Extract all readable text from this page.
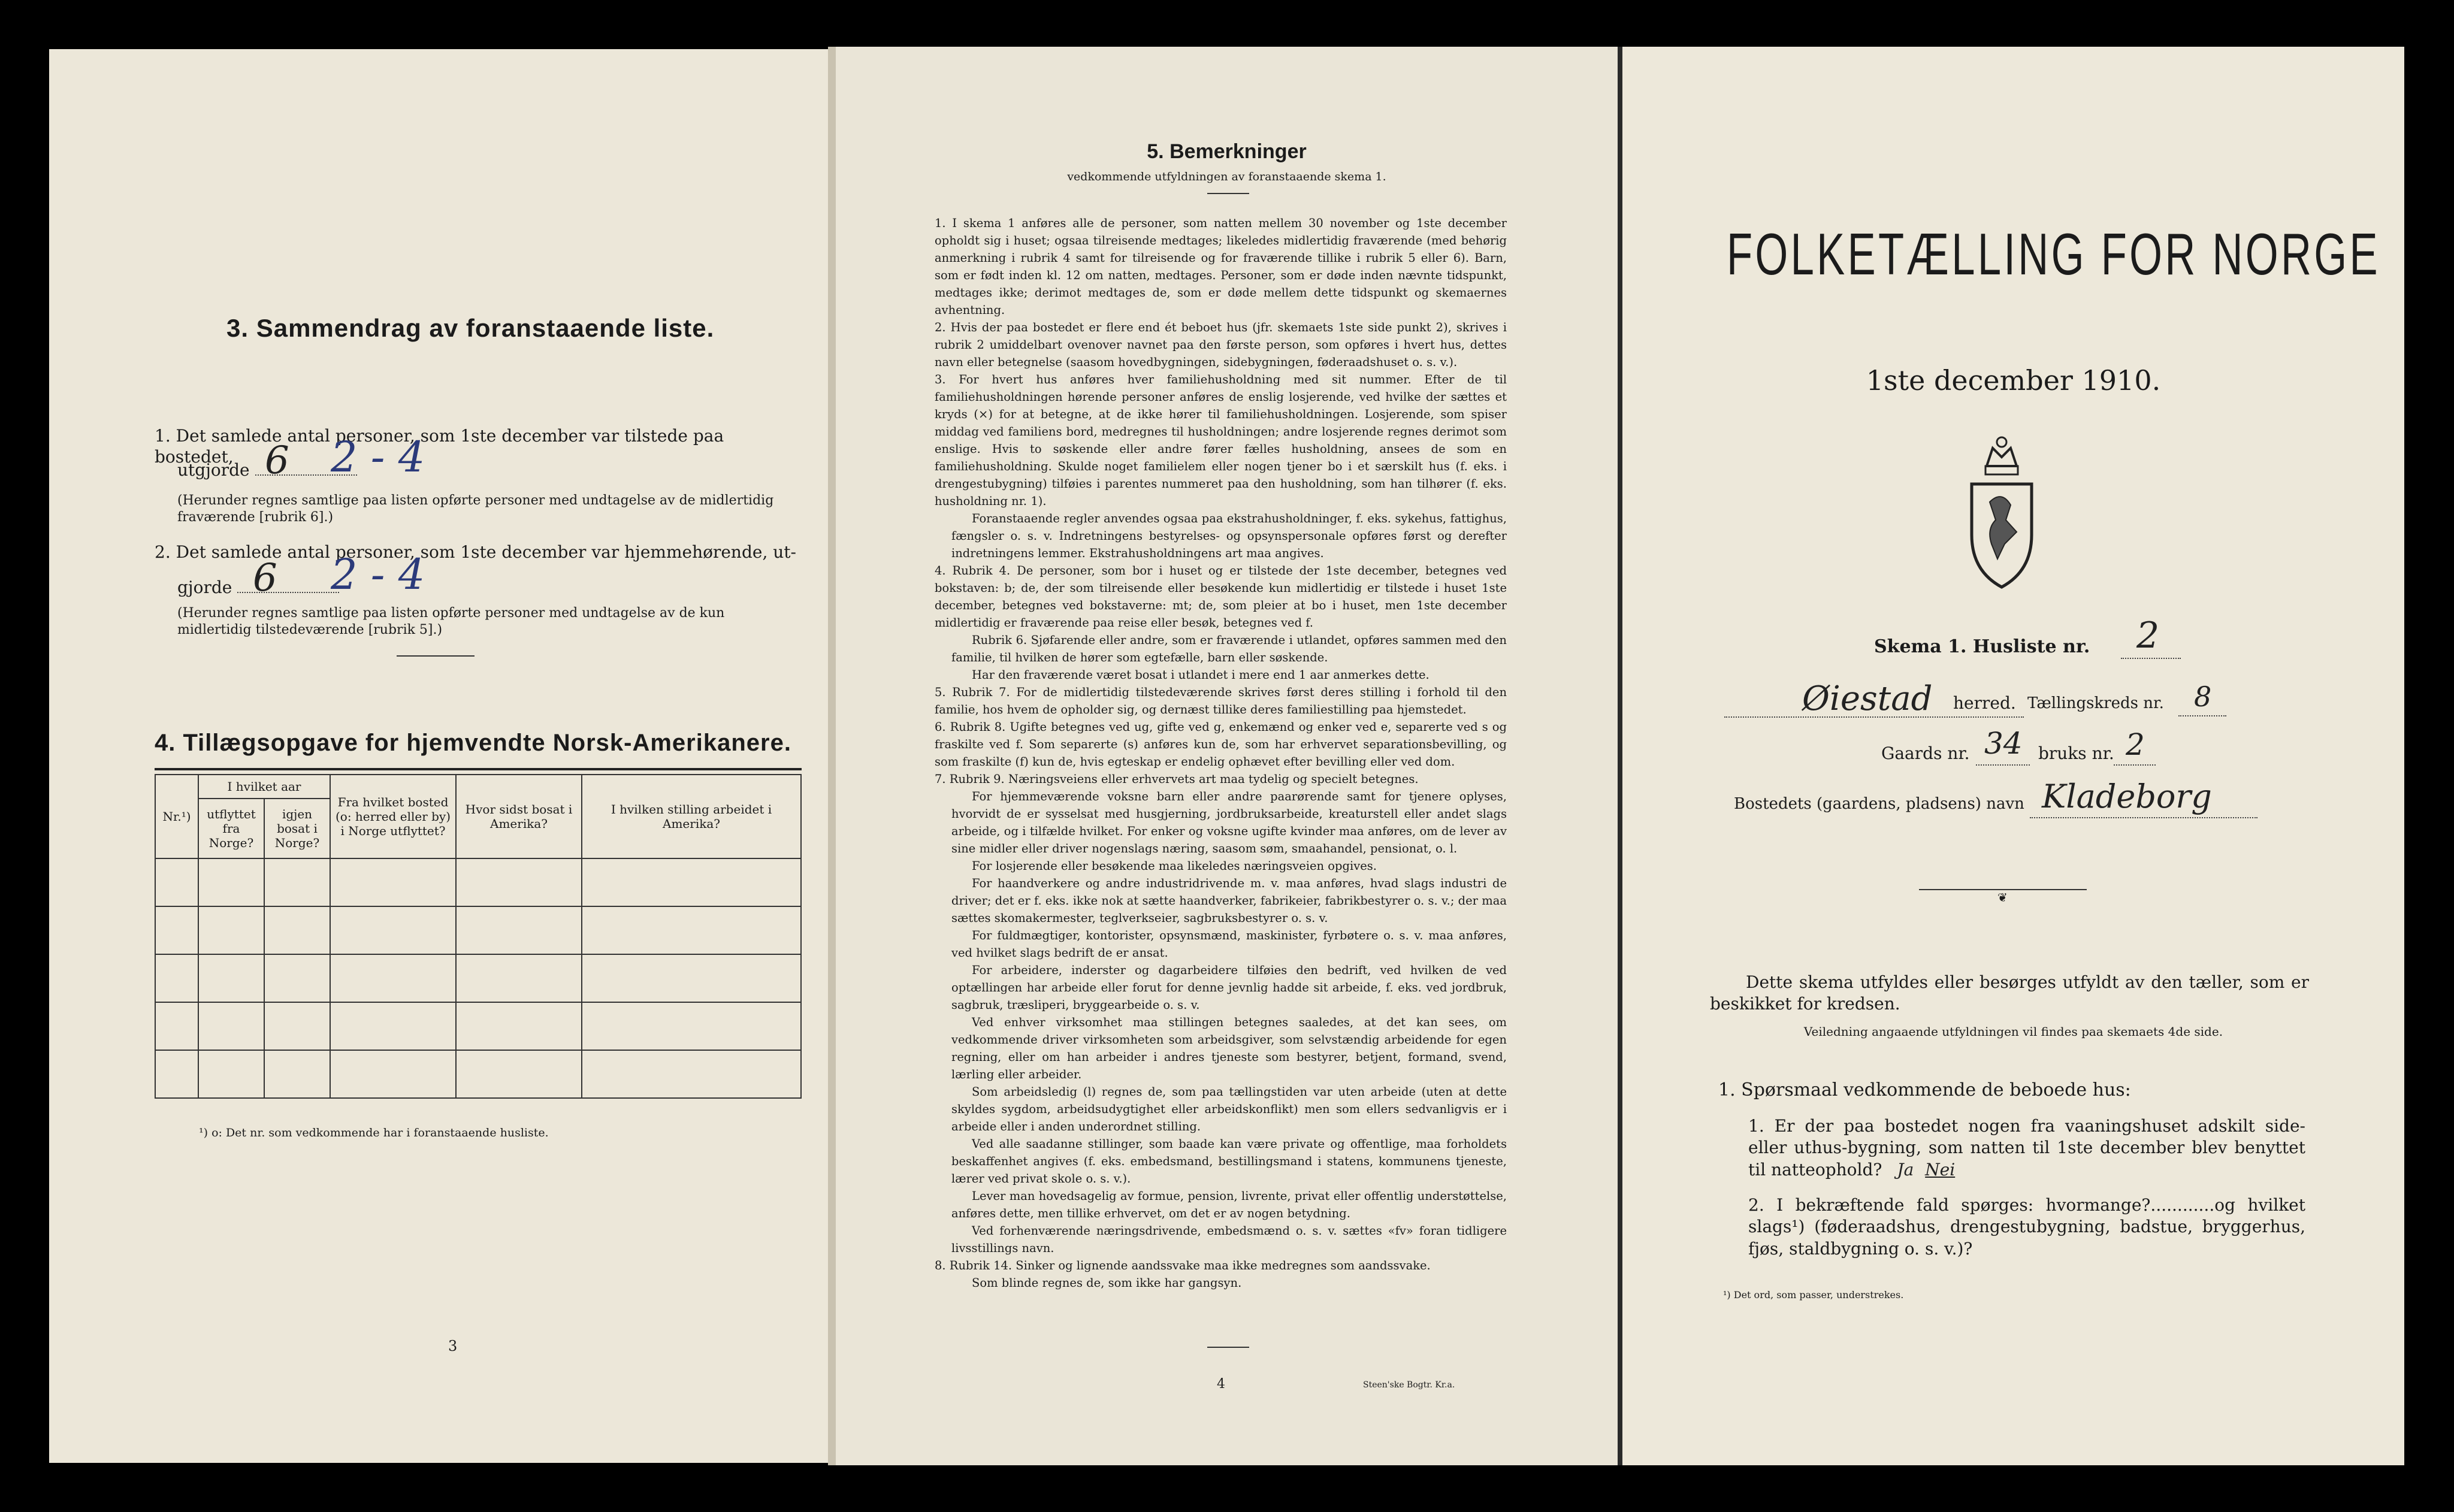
3. Sammendrag av foranstaaende liste.
1. Det samlede antal personer, som 1ste december var tilstede paa bostedet,
utgjorde 6 2 - 4
(Herunder regnes samtlige paa listen opførte personer med undtagelse av de midlertidig fraværende [rubrik 6].)
2. Det samlede antal personer, som 1ste december var hjemmehørende, ut-
gjorde 6 2 - 4
(Herunder regnes samtlige paa listen opførte personer med undtagelse av de kun midlertidig tilstedeværende [rubrik 5].)
4. Tillægsopgave for hjemvendte Norsk-Amerikanere.
Nr.¹)	I hvilket aar		Fra hvilket bosted (o: herred eller by) i Norge utflyttet?	Hvor sidst bosat i Amerika?	I hvilken stilling arbeidet i Amerika?
	utflyttet fra Norge?	igjen bosat i Norge?			

¹) o: Det nr. som vedkommende har i foranstaaende husliste.
3
5. Bemerkninger
vedkommende utfyldningen av foranstaaende skema 1.

1. I skema 1 anføres alle de personer, som natten mellem 30 november og 1ste december opholdt sig i huset; ogsaa tilreisende medtages; likeledes midlertidig fraværende (med behørig anmerkning i rubrik 4 samt for tilreisende og for fraværende tillike i rubrik 5 eller 6). Barn, som er født inden kl. 12 om natten, medtages. Personer, som er døde inden nævnte tidspunkt, medtages ikke; derimot medtages de, som er døde mellem dette tidspunkt og skemaernes avhentning.

2. Hvis der paa bostedet er flere end ét beboet hus (jfr. skemaets 1ste side punkt 2), skrives i rubrik 2 umiddelbart ovenover navnet paa den første person, som opføres i hvert hus, dettes navn eller betegnelse (saasom hovedbygningen, sidebygningen, føderaadshuset o. s. v.).

3. For hvert hus anføres hver familiehusholdning med sit nummer. Efter de til familiehusholdningen hørende personer anføres de enslig losjerende, ved hvilke der sættes et kryds (×) for at betegne, at de ikke hører til familiehusholdningen. Losjerende, som spiser middag ved familiens bord, medregnes til husholdningen; andre losjerende regnes derimot som enslige. Hvis to søskende eller andre fører fælles husholdning, ansees de som en familiehusholdning. Skulde noget familielem eller nogen tjener bo i et særskilt hus (f. eks. i drengestubygning) tilføies i parentes nummeret paa den husholdning, som han tilhører (f. eks. husholdning nr. 1).

Foranstaaende regler anvendes ogsaa paa ekstrahusholdninger, f. eks. sykehus, fattighus, fængsler o. s. v. Indretningens bestyrelses- og opsynspersonale opføres først og derefter indretningens lemmer. Ekstrahusholdningens art maa angives.

4. Rubrik 4. De personer, som bor i huset og er tilstede der 1ste december, betegnes ved bokstaven: b; de, der som tilreisende eller besøkende kun midlertidig er tilstede i huset 1ste december, betegnes ved bokstaverne: mt; de, som pleier at bo i huset, men 1ste december midlertidig er fraværende paa reise eller besøk, betegnes ved f.

Rubrik 6. Sjøfarende eller andre, som er fraværende i utlandet, opføres sammen med den familie, til hvilken de hører som egtefælle, barn eller søskende.

Har den fraværende været bosat i utlandet i mere end 1 aar anmerkes dette.

5. Rubrik 7. For de midlertidig tilstedeværende skrives først deres stilling i forhold til den familie, hos hvem de opholder sig, og dernæst tillike deres familiestilling paa hjemstedet.

6. Rubrik 8. Ugifte betegnes ved ug, gifte ved g, enkemænd og enker ved e, separerte ved s og fraskilte ved f. Som separerte (s) anføres kun de, som har erhvervet separationsbevilling, og som fraskilte (f) kun de, hvis egteskap er endelig ophævet efter bevilling eller ved dom.

7. Rubrik 9. Næringsveiens eller erhvervets art maa tydelig og specielt betegnes.

For hjemmeværende voksne barn eller andre paarørende samt for tjenere oplyses, hvorvidt de er sysselsat med husgjerning, jordbruksarbeide, kreaturstell eller andet slags arbeide, og i tilfælde hvilket. For enker og voksne ugifte kvinder maa anføres, om de lever av sine midler eller driver nogenslags næring, saasom søm, smaahandel, pensionat, o. l.

For losjerende eller besøkende maa likeledes næringsveien opgives.

For haandverkere og andre industridrivende m. v. maa anføres, hvad slags industri de driver; det er f. eks. ikke nok at sætte haandverker, fabrikeier, fabrikbestyrer o. s. v.; der maa sættes skomakermester, teglverkseier, sagbruksbestyrer o. s. v.

For fuldmægtiger, kontorister, opsynsmænd, maskinister, fyrbøtere o. s. v. maa anføres, ved hvilket slags bedrift de er ansat.

For arbeidere, inderster og dagarbeidere tilføies den bedrift, ved hvilken de ved optællingen har arbeide eller forut for denne jevnlig hadde sit arbeide, f. eks. ved jordbruk, sagbruk, træsliperi, bryggearbeide o. s. v.

Ved enhver virksomhet maa stillingen betegnes saaledes, at det kan sees, om vedkommende driver virksomheten som arbeidsgiver, som selvstændig arbeidende for egen regning, eller om han arbeider i andres tjeneste som bestyrer, betjent, formand, svend, lærling eller arbeider.

Som arbeidsledig (l) regnes de, som paa tællingstiden var uten arbeide (uten at dette skyldes sygdom, arbeidsudygtighet eller arbeidskonflikt) men som ellers sedvanligvis er i arbeide eller i anden underordnet stilling.

Ved alle saadanne stillinger, som baade kan være private og offentlige, maa forholdets beskaffenhet angives (f. eks. embedsmand, bestillingsmand i statens, kommunens tjeneste, lærer ved privat skole o. s. v.).

Lever man hovedsagelig av formue, pension, livrente, privat eller offentlig understøttelse, anføres dette, men tillike erhvervet, om det er av nogen betydning.

Ved forhenværende næringsdrivende, embedsmænd o. s. v. sættes «fv» foran tidligere livsstillings navn.

8. Rubrik 14. Sinker og lignende aandssvake maa ikke medregnes som aandssvake.

Som blinde regnes de, som ikke har gangsyn.

4	Steen'ske Bogtr. Kr.a.
FOLKETÆLLING FOR NORGE
1ste december 1910.
Skema 1. Husliste nr. 2
Øiestad herred. Tællingskreds nr. 8
Gaards nr. 34 bruks nr. 2
Bostedets (gaardens, pladsens) navn Kladeborg
❦
Dette skema utfyldes eller besørges utfyldt av den tæller, som er beskikket for kredsen.
Veiledning angaaende utfyldningen vil findes paa skemaets 4de side.
1. Spørsmaal vedkommende de beboede hus:
1. Er der paa bostedet nogen fra vaaningshuset adskilt side- eller uthus-bygning, som natten til 1ste december blev benyttet til natteophold? Ja Nei
2. I bekræftende fald spørges: hvormange?............og hvilket slags¹) (føderaadshus, drengestubygning, badstue, bryggerhus, fjøs, staldbygning o. s. v.)?
¹) Det ord, som passer, understrekes.
